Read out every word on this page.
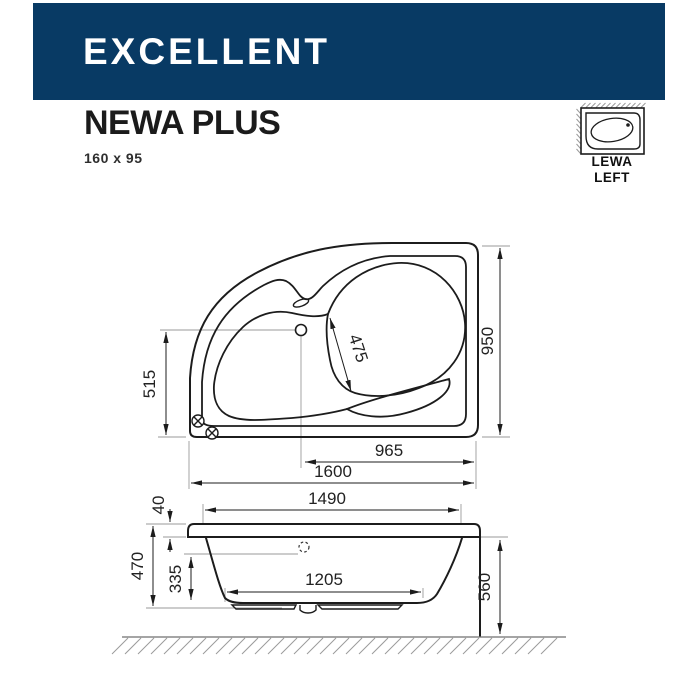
EXCELLENT
NEWA PLUS
160 x 95	LEWA
LEFT
950
515
475
965
1600
1490
40
470 335	1205	560
